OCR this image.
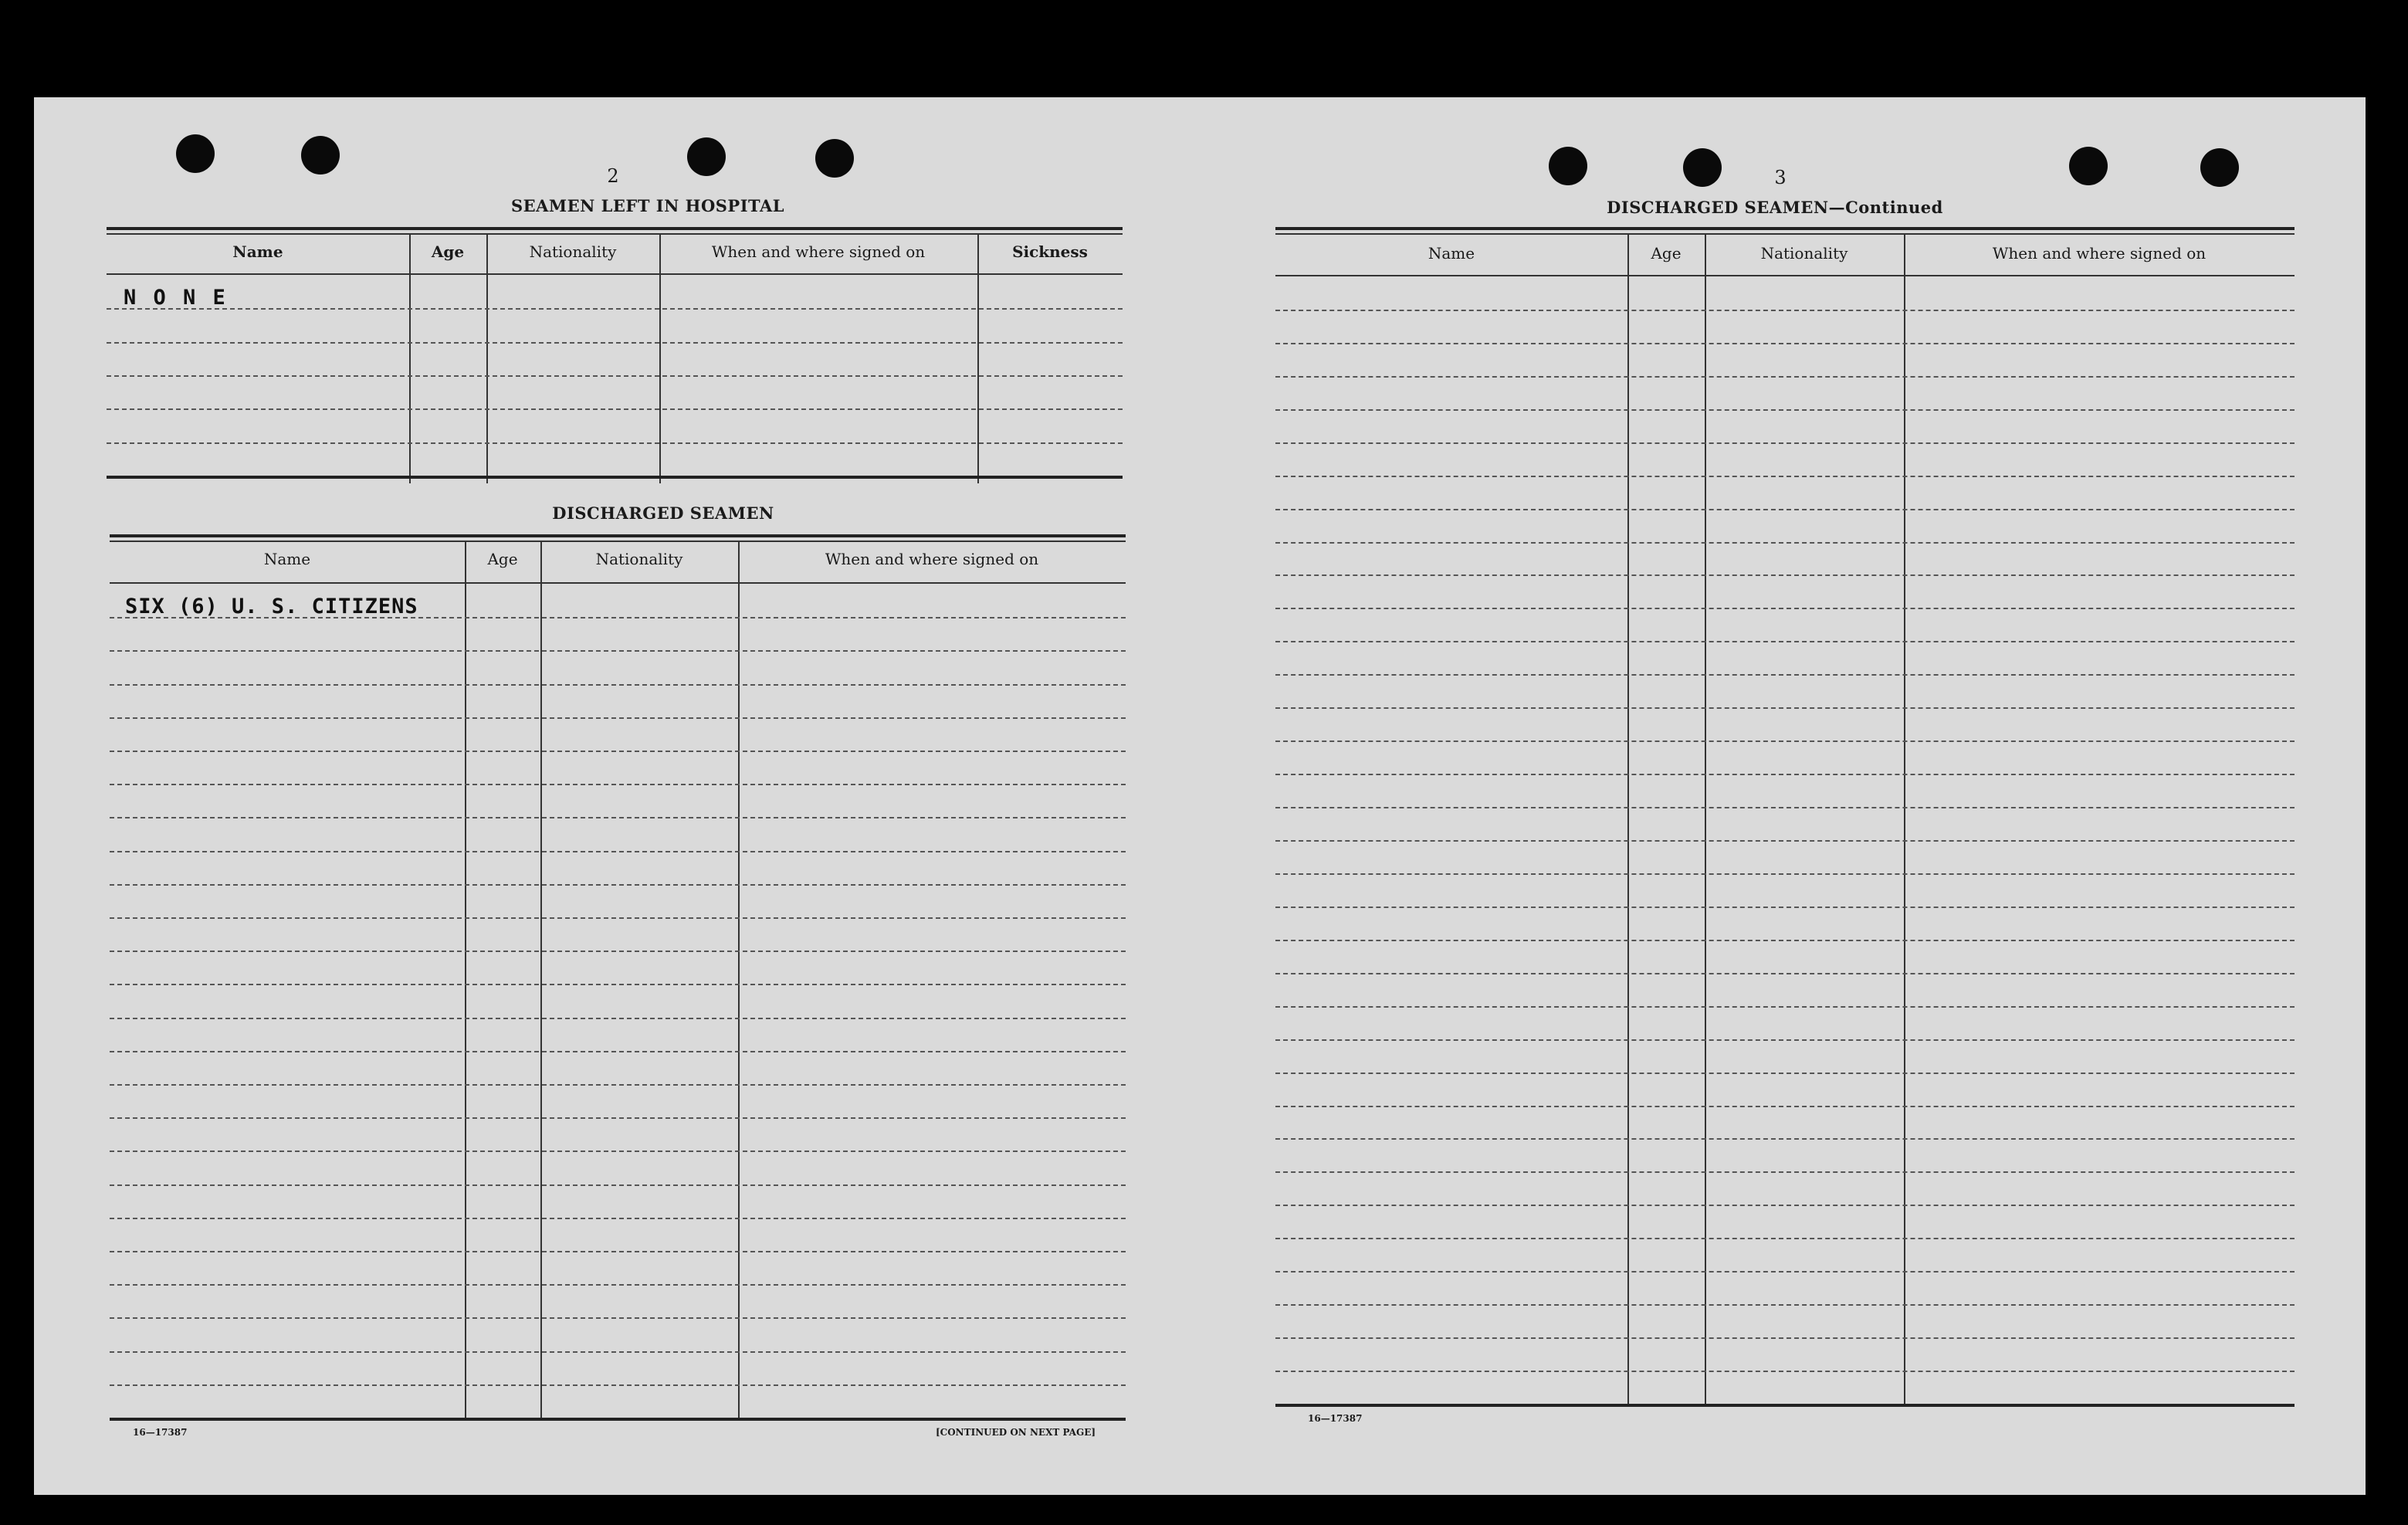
2
SEAMEN LEFT IN HOSPITAL
Name	Age	Nationality	When and where signed on	Sickness
N O N E
DISCHARGED SEAMEN
Name	Age	Nationality	When and where signed on
SIX (6) U. S. CITIZENS
16—17387	[CONTINUED ON NEXT PAGE]
3
DISCHARGED SEAMEN—Continued
Name	Age	Nationality	When and where signed on
16—17387
